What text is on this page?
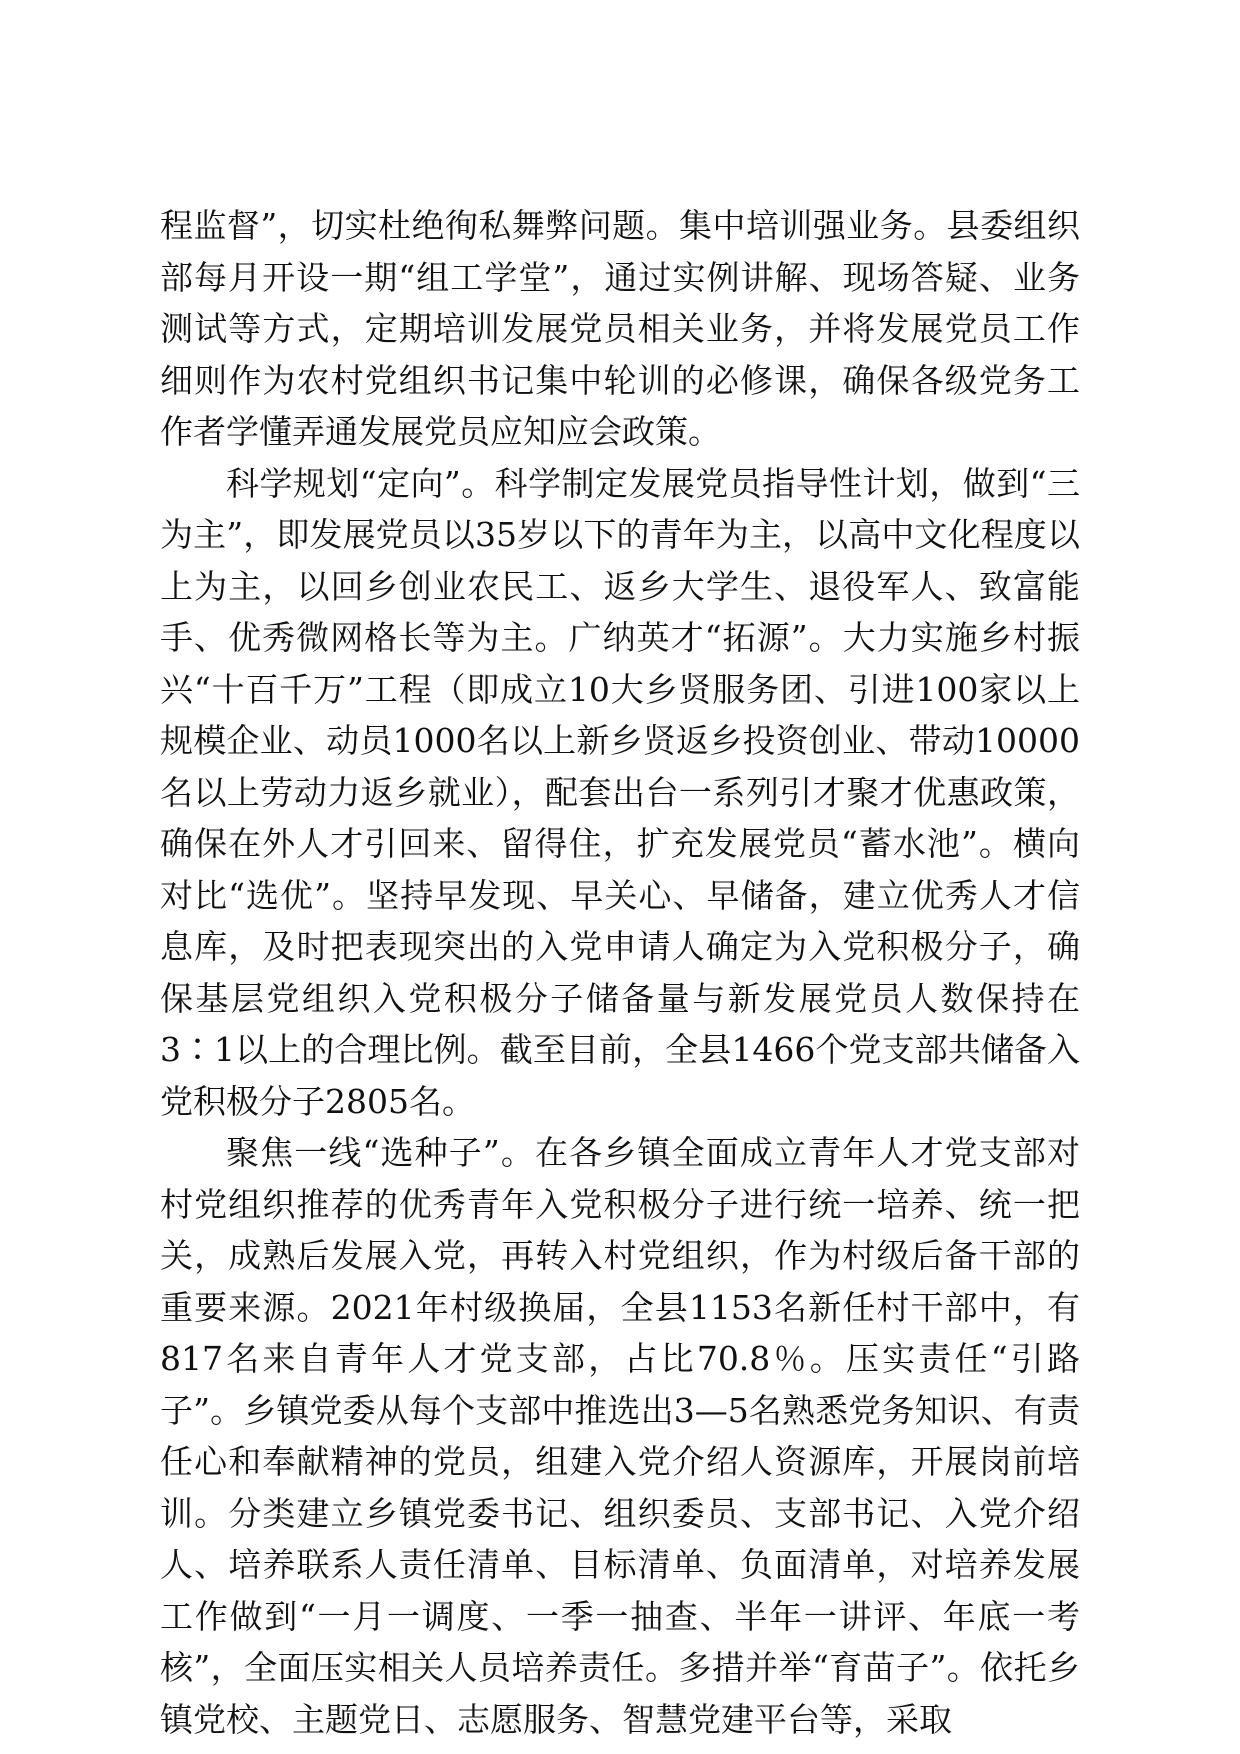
程监督”，切实杜绝徇私舞弊问题。集中培训强业务。县委组织部每月开设一期“组工学堂”，通过实例讲解、现场答疑、业务测试等方式，定期培训发展党员相关业务，并将发展党员工作细则作为农村党组织书记集中轮训的必修课，确保各级党务工作者学懂弄通发展党员应知应会政策。

科学规划“定向”。科学制定发展党员指导性计划，做到“三为主”，即发展党员以35岁以下的青年为主，以高中文化程度以上为主，以回乡创业农民工、返乡大学生、退役军人、致富能手、优秀微网格长等为主。广纳英才“拓源”。大力实施乡村振兴“十百千万”工程（即成立10大乡贤服务团、引进100家以上规模企业、动员1000名以上新乡贤返乡投资创业、带动10000名以上劳动力返乡就业），配套出台一系列引才聚才优惠政策，确保在外人才引回来、留得住，扩充发展党员“蓄水池”。横向对比“选优”。坚持早发现、早关心、早储备，建立优秀人才信息库，及时把表现突出的入党申请人确定为入党积极分子，确保基层党组织入党积极分子储备量与新发展党员人数保持在3∶1以上的合理比例。截至目前，全县1466个党支部共储备入党积极分子2805名。

聚焦一线“选种子”。在各乡镇全面成立青年人才党支部对村党组织推荐的优秀青年入党积极分子进行统一培养、统一把关，成熟后发展入党，再转入村党组织，作为村级后备干部的重要来源。2021年村级换届，全县1153名新任村干部中，有817名来自青年人才党支部，占比70.8％。压实责任“引路子”。乡镇党委从每个支部中推选出3—5名熟悉党务知识、有责任心和奉献精神的党员，组建入党介绍人资源库，开展岗前培训。分类建立乡镇党委书记、组织委员、支部书记、入党介绍人、培养联系人责任清单、目标清单、负面清单，对培养发展工作做到“一月一调度、一季一抽查、半年一讲评、年底一考核”，全面压实相关人员培养责任。多措并举“育苗子”。依托乡镇党校、主题党日、志愿服务、智慧党建平台等，采取
